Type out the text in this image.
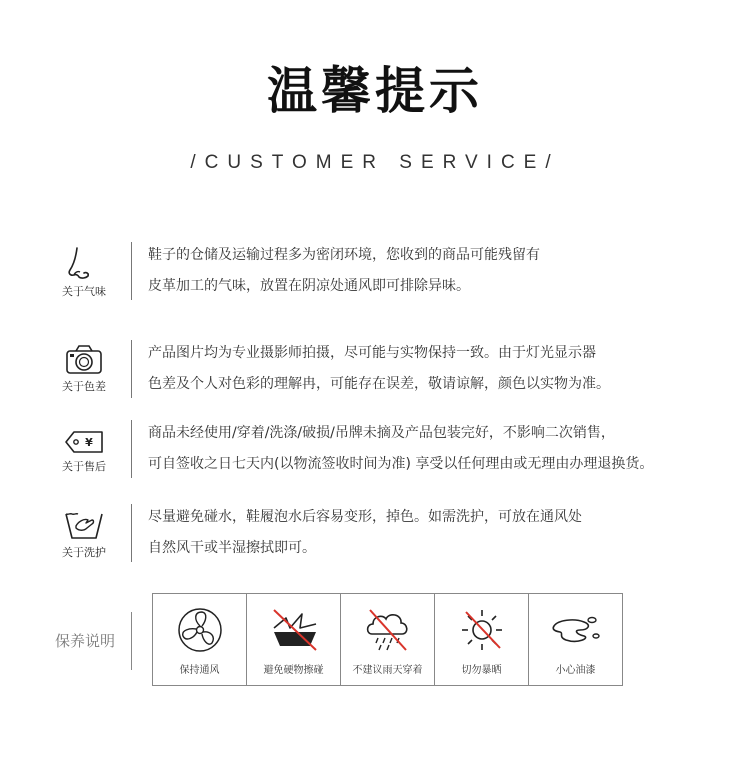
温馨提示
/CUSTOMER SERVICE/
关于气味
鞋子的仓储及运输过程多为密闭环境，您收到的商品可能残留有
皮革加工的气味，放置在阴凉处通风即可排除异味。
关于色差
产品图片均为专业摄影师拍摄，尽可能与实物保持一致。由于灯光显示器
色差及个人对色彩的理解冉，可能存在误差，敬请谅解，颜色以实物为准。
¥
关于售后
商品未经使用/穿着/洗涤/破损/吊牌未摘及产品包装完好，不影响二次销售，
可自签收之日七天内(以物流签收时间为准) 享受以任何理由或无理由办理退换货。
关于洗护
尽量避免碰水，鞋履泡水后容易变形，掉色。如需洗护，可放在通风处
自然风干或半湿擦拭即可。
保养说明
保持通风	避免硬物擦碰	不建议雨天穿着	切勿暴晒	小心油漆
